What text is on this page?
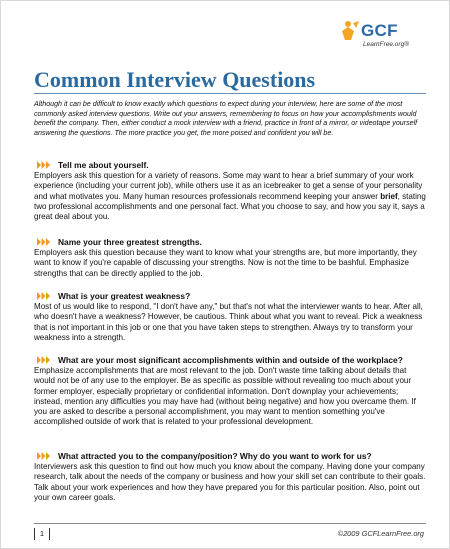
GCF
LearnFree.org®
Common Interview Questions
Although it can be difficult to know exactly which questions to expect during your interview, here are some of the most commonly asked interview questions. Write out your answers, remembering to focus on how your accomplishments would benefit the company. Then, either conduct a mock interview with a friend, practice in front of a mirror, or videotape yourself answering the questions. The more practice you get, the more poised and confident you will be.
Tell me about yourself.
Employers ask this question for a variety of reasons. Some may want to hear a brief summary of your work experience (including your current job), while others use it as an icebreaker to get a sense of your personality and what motivates you. Many human resources professionals recommend keeping your answer brief, stating two professional accomplishments and one personal fact. What you choose to say, and how you say it, says a great deal about you.
Name your three greatest strengths.
Employers ask this question because they want to know what your strengths are, but more importantly, they want to know if you're capable of discussing your strengths. Now is not the time to be bashful. Emphasize strengths that can be directly applied to the job.
What is your greatest weakness?
Most of us would like to respond, "I don't have any," but that's not what the interviewer wants to hear. After all, who doesn't have a weakness? However, be cautious. Think about what you want to reveal. Pick a weakness that is not important in this job or one that you have taken steps to strengthen. Always try to transform your weakness into a strength.
What are your most significant accomplishments within and outside of the workplace?
Emphasize accomplishments that are most relevant to the job. Don't waste time talking about details that would not be of any use to the employer. Be as specific as possible without revealing too much about your former employer, especially proprietary or confidential information. Don't downplay your achievements; instead, mention any difficulties you may have had (without being negative) and how you overcame them. If you are asked to describe a personal accomplishment, you may want to mention something you've accomplished outside of work that is related to your professional development.
What attracted you to the company/position? Why do you want to work for us?
Interviewers ask this question to find out how much you know about the company. Having done your company research, talk about the needs of the company or business and how your skill set can contribute to their goals. Talk about your work experiences and how they have prepared you for this particular position. Also, point out your own career goals.
1	©2009 GCFLearnFree.org
